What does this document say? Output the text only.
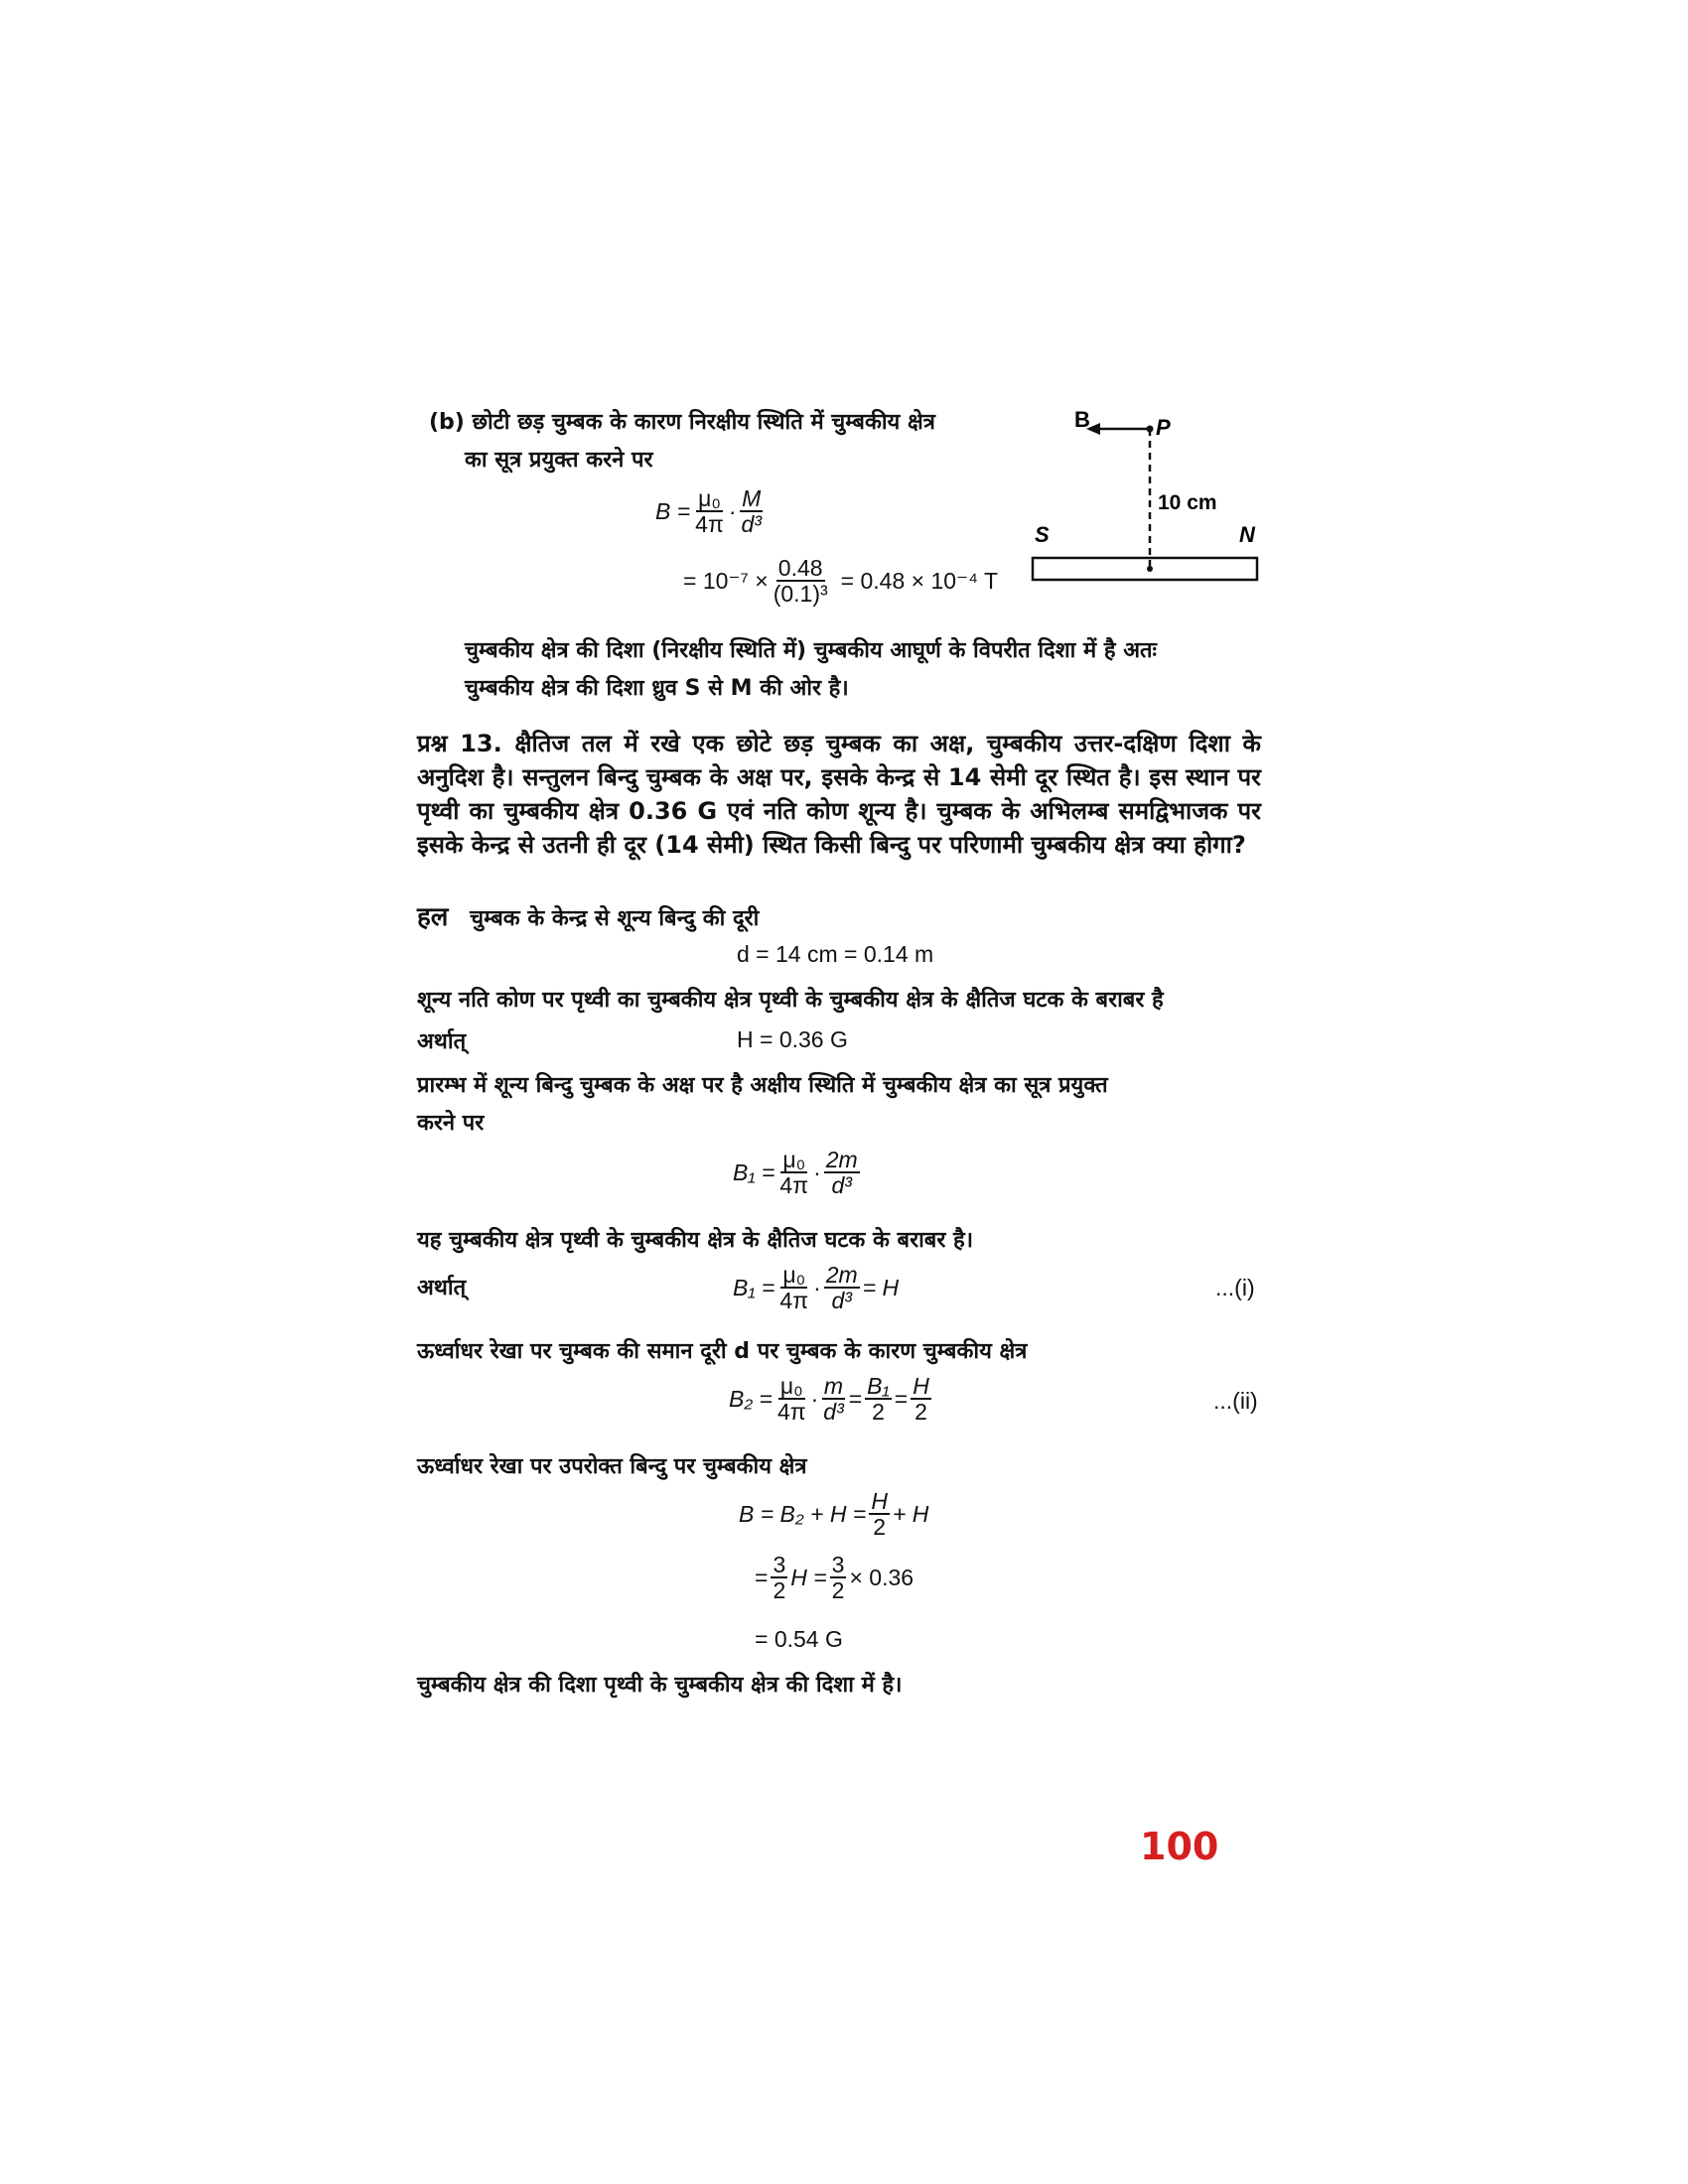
(b) छोटी छड़ चुम्बक के कारण निरक्षीय स्थिति में चुम्बकीय क्षेत्र
का सूत्र प्रयुक्त करने पर
$B = \frac{\text{μ₀}}{4\pi} \cdot \frac{M}{\text{d³}}$
= $10^{-7} \times \frac{0.48}{\text{(0.1)³}} = 0.48 \times 10^{-4}$ T
B	P
10 cm
S	N
चुम्बकीय क्षेत्र की दिशा (निरक्षीय स्थिति में) चुम्बकीय आघूर्ण के विपरीत दिशा में है अतः
चुम्बकीय क्षेत्र की दिशा ध्रुव S से M की ओर है।
प्रश्न 13. क्षैतिज तल में रखे एक छोटे छड़ चुम्बक का अक्ष, चुम्बकीय उत्तर-दक्षिण दिशा के अनुदिश है। सन्तुलन बिन्दु चुम्बक के अक्ष पर, इसके केन्द्र से 14 सेमी दूर स्थित है। इस स्थान पर पृथ्वी का चुम्बकीय क्षेत्र 0.36 G एवं नति कोण शून्य है। चुम्बक के अभिलम्ब समद्विभाजक पर इसके केन्द्र से उतनी ही दूर (14 सेमी) स्थित किसी बिन्दु पर परिणामी चुम्बकीय क्षेत्र क्या होगा?
हल चुम्बक के केन्द्र से शून्य बिन्दु की दूरी
d = 14 cm = 0.14 m
शून्य नति कोण पर पृथ्वी का चुम्बकीय क्षेत्र पृथ्वी के चुम्बकीय क्षेत्र के क्षैतिज घटक के बराबर है
अर्थात्	H = 0.36 G
प्रारम्भ में शून्य बिन्दु चुम्बक के अक्ष पर है अक्षीय स्थिति में चुम्बकीय क्षेत्र का सूत्र प्रयुक्त
करने पर
$B_1 = \frac{\text{μ₀}}{4\pi} \cdot \frac{2m}{\text{d³}}$
यह चुम्बकीय क्षेत्र पृथ्वी के चुम्बकीय क्षेत्र के क्षैतिज घटक के बराबर है।
अर्थात्	$B_1 = \frac{\text{μ₀}}{4\pi} \cdot \frac{2m}{\text{d³}} = H$	...(i)
ऊर्ध्वाधर रेखा पर चुम्बक की समान दूरी d पर चुम्बक के कारण चुम्बकीय क्षेत्र
$B_2 = \frac{\text{μ₀}}{4\pi} \cdot \frac{m}{\text{d³}} = \frac{\text{B₁}}{2} = \frac{H}{2}$	...(ii)
ऊर्ध्वाधर रेखा पर उपरोक्त बिन्दु पर चुम्बकीय क्षेत्र
$B = B_2 + H = \frac{H}{2} + H$
= $\frac{3}{2}$ $H = \frac{3}{2} \times 0.36$
= 0.54 G
चुम्बकीय क्षेत्र की दिशा पृथ्वी के चुम्बकीय क्षेत्र की दिशा में है।
100
